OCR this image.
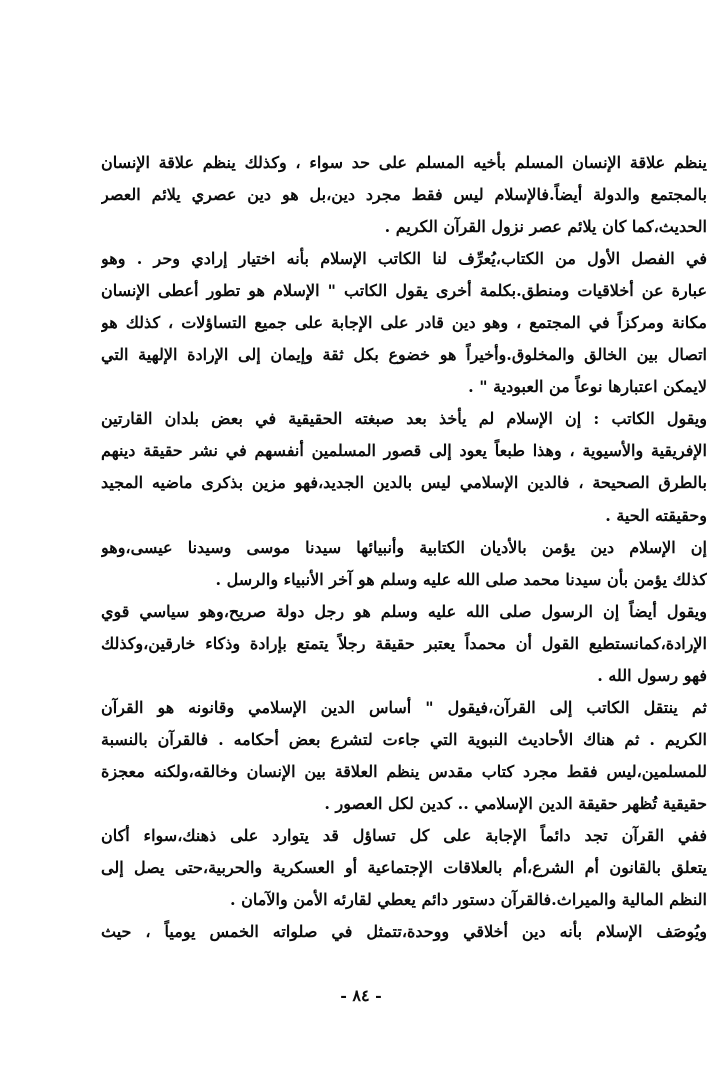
ينظم علاقة الإنسان المسلم بأخيه المسلم على حد سواء ، وكذلك ينظم علاقة الإنسان
بالمجتمع والدولة أيضاً.فالإسلام ليس فقط مجرد دين،بل هو دين عصري يلائم العصر
الحديث،كما كان يلائم عصر نزول القرآن الكريم .
في الفصل الأول من الكتاب،يُعرِّف لنا الكاتب الإسلام بأنه اختيار إرادي وحر . وهو
عبارة عن أخلاقيات ومنطق.بكلمة أخرى يقول الكاتب " الإسلام هو تطور أعطى الإنسان
مكانة ومركزاً في المجتمع ، وهو دين قادر على الإجابة على جميع التساؤلات ، كذلك هو
اتصال بين الخالق والمخلوق.وأخيراً هو خضوع بكل ثقة وإيمان إلى الإرادة الإلهية التي
لايمكن اعتبارها نوعاً من العبودية " .
ويقول الكاتب : إن الإسلام لم يأخذ بعد صبغته الحقيقية في بعض بلدان القارتين
الإفريقية والأسيوية ، وهذا طبعاً يعود إلى قصور المسلمين أنفسهم في نشر حقيقة دينهم
بالطرق الصحيحة ، فالدين الإسلامي ليس بالدين الجديد،فهو مزين بذكرى ماضيه المجيد
وحقيقته الحية .
إن الإسلام دين يؤمن بالأديان الكتابية وأنبيائها سيدنا موسى وسيدنا عيسى،وهو
كذلك يؤمن بأن سيدنا محمد صلى الله عليه وسلم هو آخر الأنبياء والرسل .
ويقول أيضاً إن الرسول صلى الله عليه وسلم هو رجل دولة صريح،وهو سياسي قوي
الإرادة،كمانستطيع القول أن محمداً يعتبر حقيقة رجلاً يتمتع بإرادة وذكاء خارقين،وكذلك
فهو رسول الله .
ثم ينتقل الكاتب إلى القرآن،فيقول " أساس الدين الإسلامي وقانونه هو القرآن
الكريم . ثم هناك الأحاديث النبوية التي جاءت لتشرع بعض أحكامه . فالقرآن بالنسبة
للمسلمين،ليس فقط مجرد كتاب مقدس ينظم العلاقة بين الإنسان وخالقه،ولكنه معجزة
حقيقية تُظهر حقيقة الدين الإسلامي .. كدين لكل العصور .
ففي القرآن تجد دائماً الإجابة على كل تساؤل قد يتوارد على ذهنك،سواء أكان
يتعلق بالقانون أم الشرع،أم بالعلاقات الإجتماعية أو العسكرية والحربية،حتى يصل إلى
النظم المالية والميراث.فالقرآن دستور دائم يعطي لقارئه الأمن والآمان .
ويُوصَف الإسلام بأنه دين أخلاقي ووحدة،تتمثل في صلواته الخمس يومياً ، حيث
- ٨٤ -
